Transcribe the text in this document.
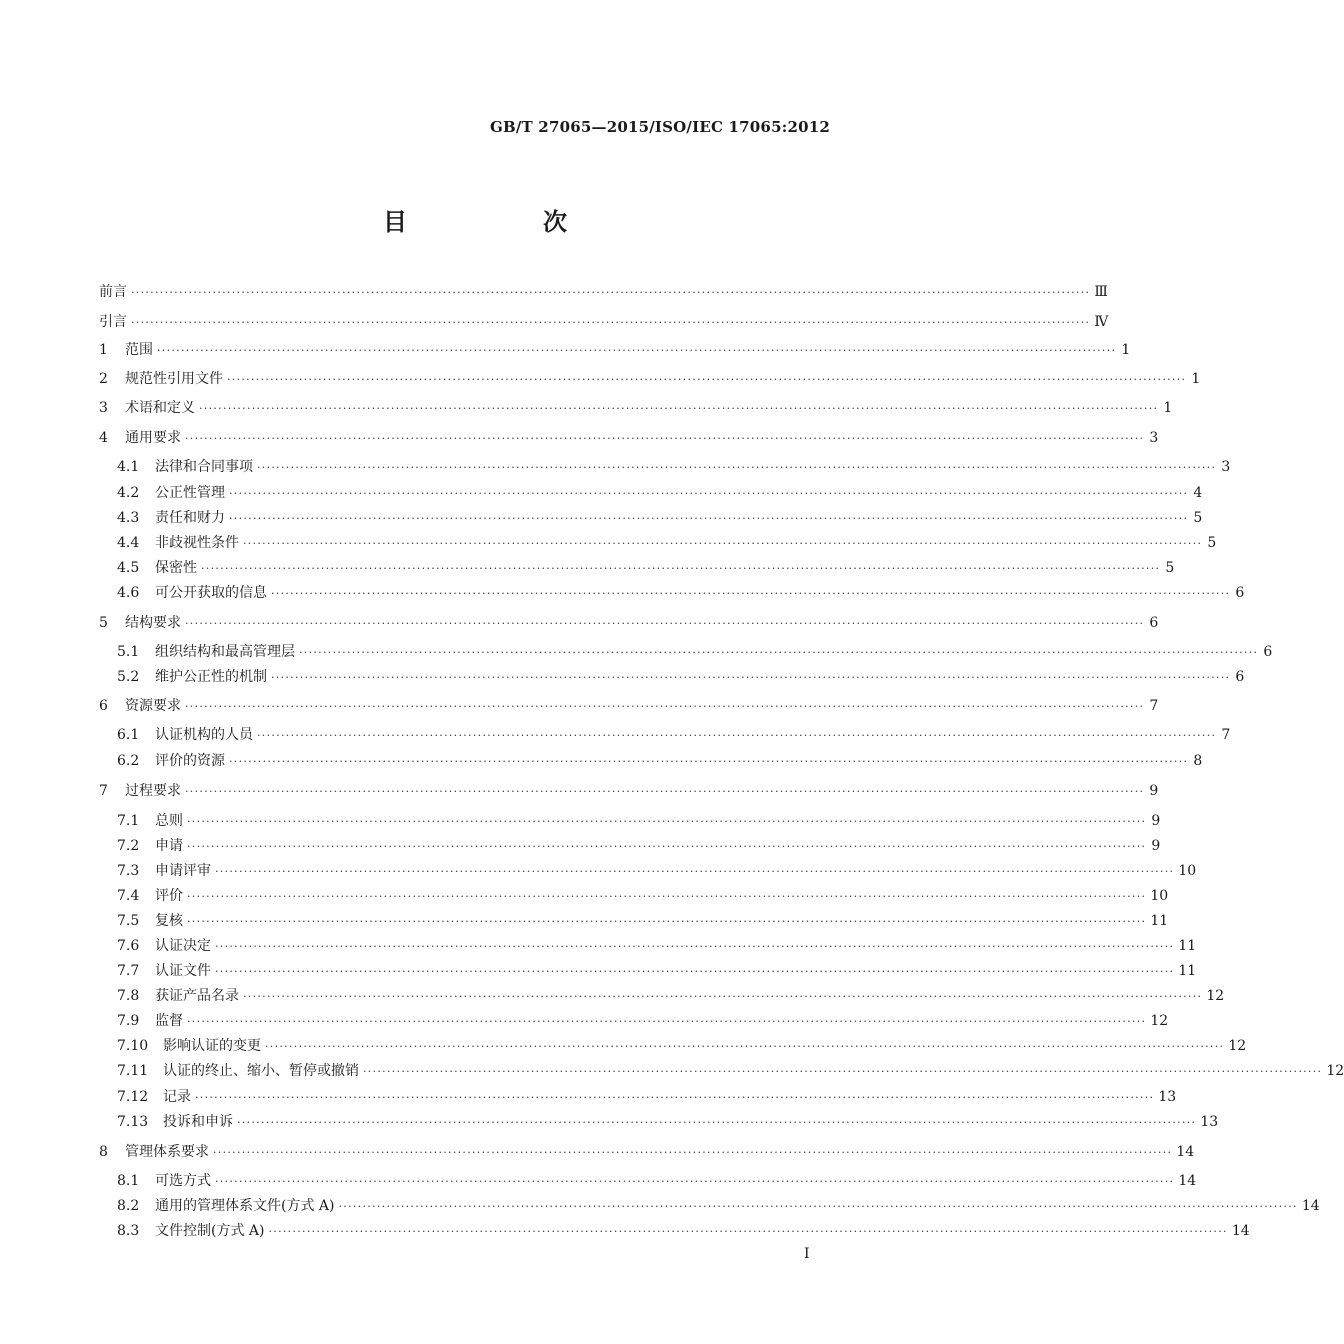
GB/T 27065—2015/ISO/IEC 17065:2012
目　次
前言 ········································································································································································································ Ⅲ
引言 ········································································································································································································ Ⅳ
1	范围 ········································································································································································································ 1
2	规范性引用文件 ········································································································································································································ 1
3	术语和定义 ········································································································································································································ 1
4	通用要求 ········································································································································································································ 3
4.1	法律和合同事项 ········································································································································································································ 3
4.2	公正性管理 ········································································································································································································ 4
4.3	责任和财力 ········································································································································································································ 5
4.4	非歧视性条件 ········································································································································································································ 5
4.5	保密性 ········································································································································································································ 5
4.6	可公开获取的信息 ········································································································································································································ 6
5	结构要求 ········································································································································································································ 6
5.1	组织结构和最高管理层 ········································································································································································································ 6
5.2	维护公正性的机制 ········································································································································································································ 6
6	资源要求 ········································································································································································································ 7
6.1	认证机构的人员 ········································································································································································································ 7
6.2	评价的资源 ········································································································································································································ 8
7	过程要求 ········································································································································································································ 9
7.1	总则 ········································································································································································································ 9
7.2	申请 ········································································································································································································ 9
7.3	申请评审 ········································································································································································································ 10
7.4	评价 ········································································································································································································ 10
7.5	复核 ········································································································································································································ 11
7.6	认证决定 ········································································································································································································ 11
7.7	认证文件 ········································································································································································································ 11
7.8	获证产品名录 ········································································································································································································ 12
7.9	监督 ········································································································································································································ 12
7.10	影响认证的变更 ········································································································································································································ 12
7.11	认证的终止、缩小、暂停或撤销 ········································································································································································································ 12
7.12	记录 ········································································································································································································ 13
7.13	投诉和申诉 ········································································································································································································ 13
8	管理体系要求 ········································································································································································································ 14
8.1	可选方式 ········································································································································································································ 14
8.2	通用的管理体系文件(方式 A) ········································································································································································································ 14
8.3	文件控制(方式 A) ········································································································································································································ 14
I
